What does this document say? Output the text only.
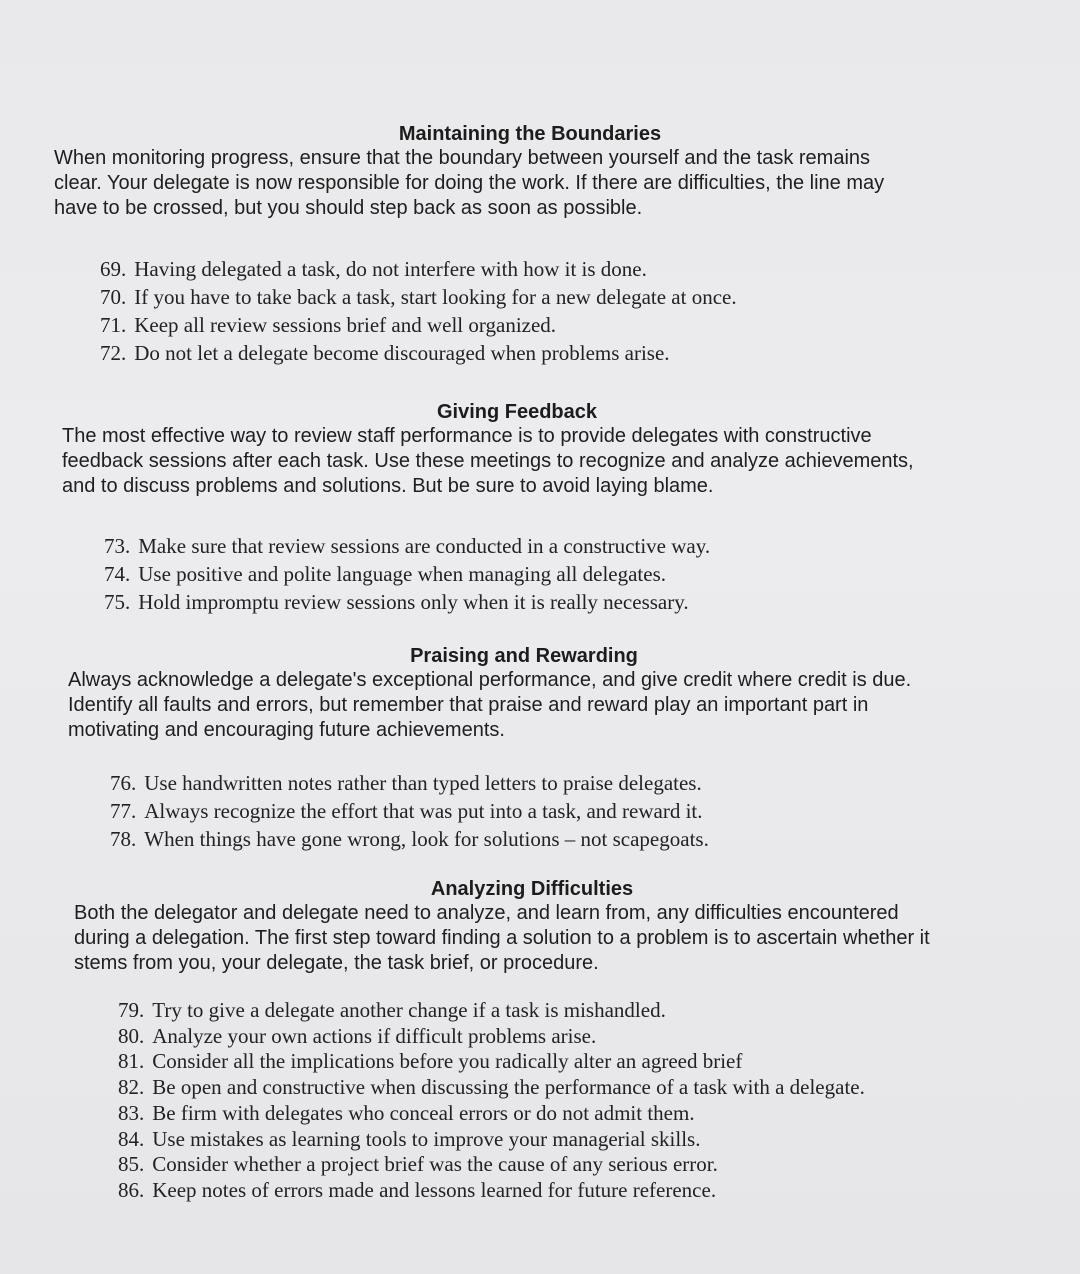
Maintaining the Boundaries

When monitoring progress, ensure that the boundary between yourself and the task remains
clear. Your delegate is now responsible for doing the work. If there are difficulties, the line may
have to be crossed, but you should step back as soon as possible.

69. Having delegated a task, do not interfere with how it is done.
70. If you have to take back a task, start looking for a new delegate at once.
71. Keep all review sessions brief and well organized.
72. Do not let a delegate become discouraged when problems arise.
Giving Feedback

The most effective way to review staff performance is to provide delegates with constructive
feedback sessions after each task. Use these meetings to recognize and analyze achievements,
and to discuss problems and solutions. But be sure to avoid laying blame.

73. Make sure that review sessions are conducted in a constructive way.
74. Use positive and polite language when managing all delegates.
75. Hold impromptu review sessions only when it is really necessary.
Praising and Rewarding

Always acknowledge a delegate's exceptional performance, and give credit where credit is due.
Identify all faults and errors, but remember that praise and reward play an important part in
motivating and encouraging future achievements.

76. Use handwritten notes rather than typed letters to praise delegates.
77. Always recognize the effort that was put into a task, and reward it.
78. When things have gone wrong, look for solutions – not scapegoats.
Analyzing Difficulties

Both the delegator and delegate need to analyze, and learn from, any difficulties encountered
during a delegation. The first step toward finding a solution to a problem is to ascertain whether it
stems from you, your delegate, the task brief, or procedure.

79. Try to give a delegate another change if a task is mishandled.
80. Analyze your own actions if difficult problems arise.
81. Consider all the implications before you radically alter an agreed brief
82. Be open and constructive when discussing the performance of a task with a delegate.
83. Be firm with delegates who conceal errors or do not admit them.
84. Use mistakes as learning tools to improve your managerial skills.
85. Consider whether a project brief was the cause of any serious error.
86. Keep notes of errors made and lessons learned for future reference.
